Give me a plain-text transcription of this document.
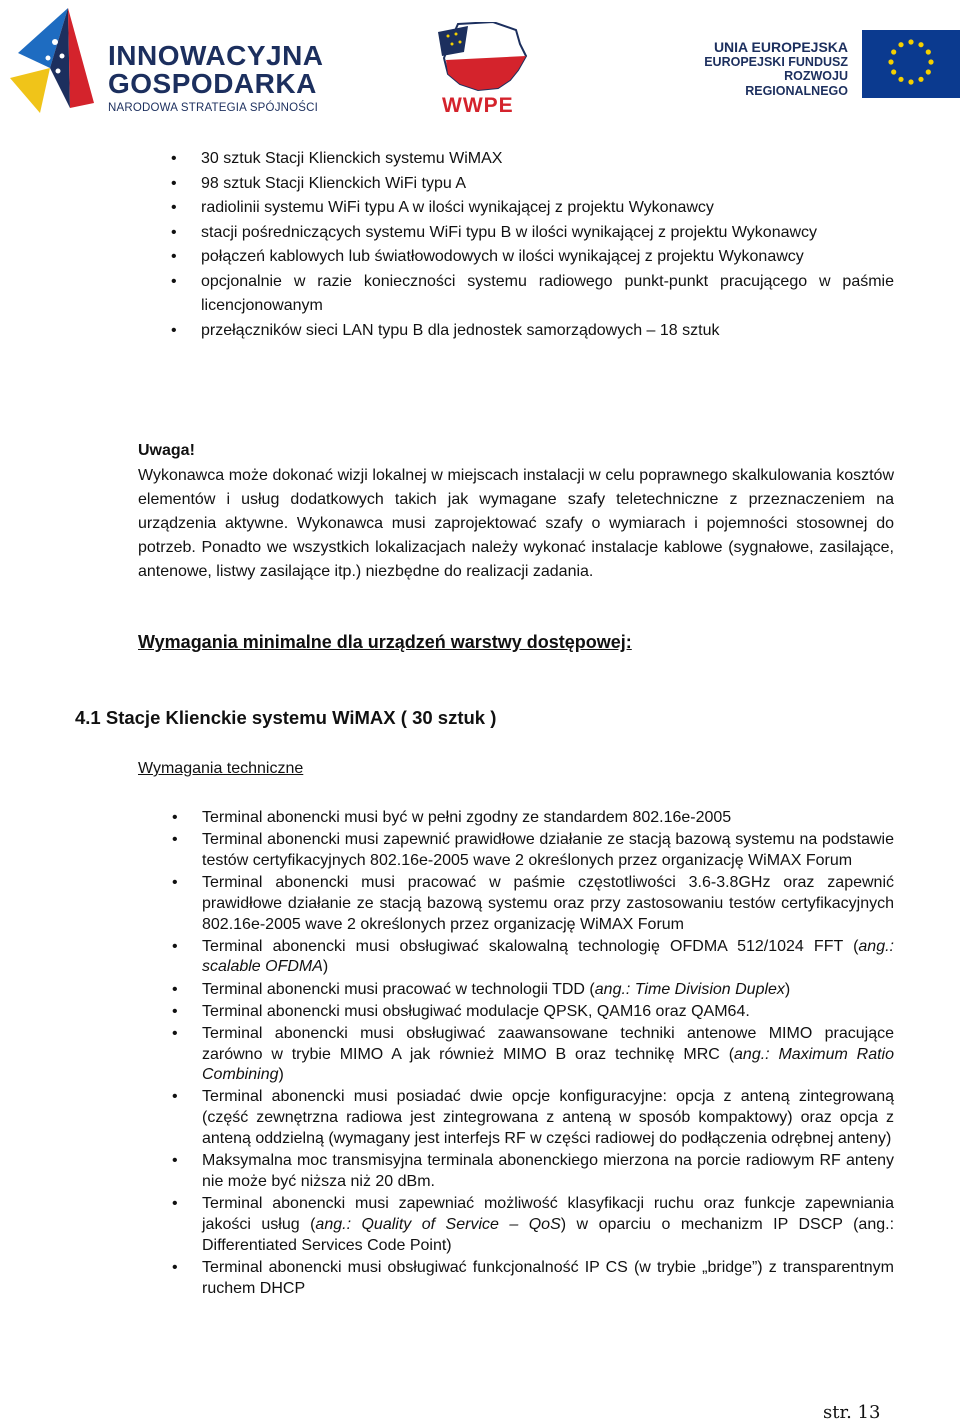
INNOWACYJNA
GOSPODARKA
NARODOWA STRATEGIA SPÓJNOŚCI	WWPE
UNIA EUROPEJSKA
EUROPEJSKI FUNDUSZ
ROZWOJU REGIONALNEGO
• 30 sztuk Stacji Klienckich systemu WiMAX
• 98 sztuk Stacji Klienckich WiFi typu A
• radiolinii systemu WiFi typu A w ilości wynikającej z projektu Wykonawcy
• stacji pośredniczących systemu WiFi typu B w ilości wynikającej z projektu Wykonawcy
• połączeń kablowych lub światłowodowych w ilości wynikającej z projektu Wykonawcy
• opcjonalnie w razie konieczności systemu radiowego punkt-punkt pracującego w paśmie licencjonowanym
• przełączników sieci LAN typu B dla jednostek samorządowych – 18 sztuk
Uwaga!
Wykonawca może dokonać wizji lokalnej w miejscach instalacji w celu poprawnego skalkulowania kosztów elementów i usług dodatkowych takich jak wymagane szafy teletechniczne z przeznaczeniem na urządzenia aktywne. Wykonawca musi zaprojektować szafy o wymiarach i pojemności stosownej do potrzeb. Ponadto we wszystkich lokalizacjach należy wykonać instalacje kablowe (sygnałowe, zasilające, antenowe, listwy zasilające itp.) niezbędne do realizacji zadania.
Wymagania minimalne dla urządzeń warstwy dostępowej:
4.1 Stacje Klienckie systemu WiMAX ( 30 sztuk )
Wymagania techniczne
• Terminal abonencki musi być w pełni zgodny ze standardem 802.16e-2005
• Terminal abonencki musi zapewnić prawidłowe działanie ze stacją bazową systemu na podstawie testów certyfikacyjnych 802.16e-2005 wave 2 określonych przez organizację WiMAX Forum
• Terminal abonencki musi pracować w paśmie częstotliwości 3.6-3.8GHz oraz zapewnić prawidłowe działanie ze stacją bazową systemu oraz przy zastosowaniu testów certyfikacyjnych 802.16e-2005 wave 2 określonych przez organizację WiMAX Forum
• Terminal abonencki musi obsługiwać skalowalną technologię OFDMA 512/1024 FFT (ang.: scalable OFDMA)
• Terminal abonencki musi pracować w technologii TDD (ang.: Time Division Duplex)
• Terminal abonencki musi obsługiwać modulacje QPSK, QAM16 oraz QAM64.
• Terminal abonencki musi obsługiwać zaawansowane techniki antenowe MIMO pracujące zarówno w trybie MIMO A jak również MIMO B oraz technikę MRC (ang.: Maximum Ratio Combining)
• Terminal abonencki musi posiadać dwie opcje konfiguracyjne: opcja z anteną zintegrowaną (część zewnętrzna radiowa jest zintegrowana z anteną w sposób kompaktowy) oraz opcja z anteną oddzielną (wymagany jest interfejs RF w części radiowej do podłączenia odrębnej anteny)
• Maksymalna moc transmisyjna terminala abonenckiego mierzona na porcie radiowym RF anteny nie może być niższa niż 20 dBm.
• Terminal abonencki musi zapewniać możliwość klasyfikacji ruchu oraz funkcje zapewniania jakości usług (ang.: Quality of Service – QoS) w oparciu o mechanizm IP DSCP (ang.: Differentiated Services Code Point)
• Terminal abonencki musi obsługiwać funkcjonalność IP CS (w trybie „bridge”) z transparentnym ruchem DHCP
str. 13
